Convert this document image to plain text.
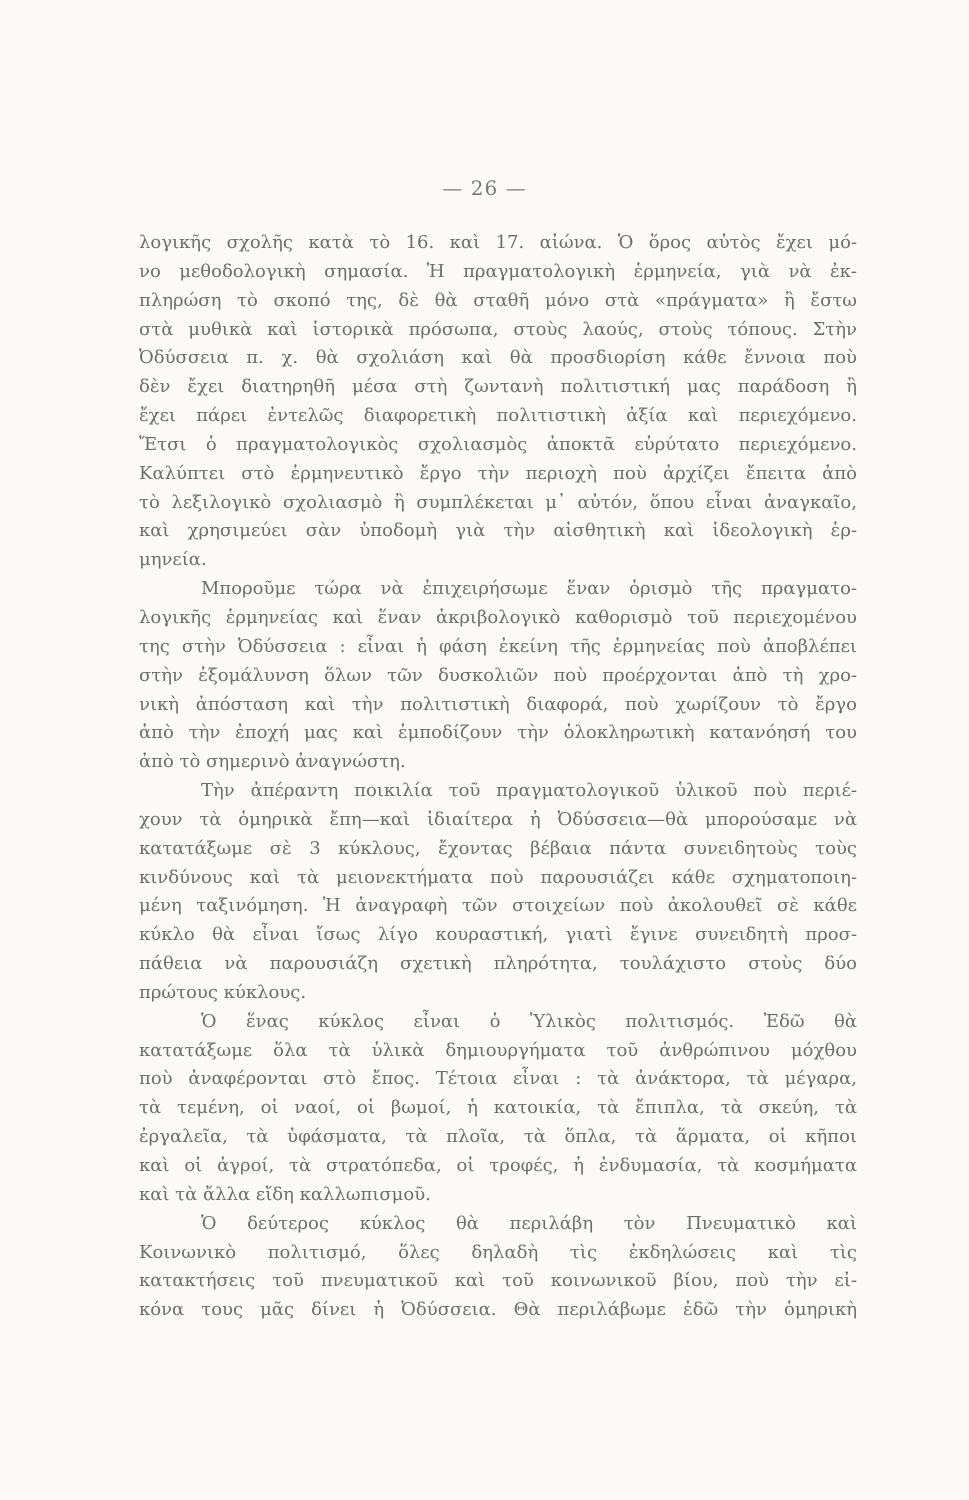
— 26 —
λογικῆς σχολῆς κατὰ τὸ 16. καὶ 17. αἰώνα. Ὁ ὅρος αὐτὸς ἔχει μό-
νο μεθοδολογικὴ σημασία. Ἡ πραγματολογικὴ ἑρμηνεία, γιὰ νὰ ἐκ-
πληρώση τὸ σκοπό της, δὲ θὰ σταθῆ μόνο στὰ «πράγματα» ἢ ἔστω
στὰ μυθικὰ καὶ ἱστορικὰ πρόσωπα, στοὺς λαούς, στοὺς τόπους. Στὴν
Ὀδύσσεια π. χ. θὰ σχολιάση καὶ θὰ προσδιορίση κάθε ἔννοια ποὺ
δὲν ἔχει διατηρηθῆ μέσα στὴ ζωντανὴ πολιτιστική μας παράδοση ἢ
ἔχει πάρει ἐντελῶς διαφορετικὴ πολιτιστικὴ ἀξία καὶ περιεχόμενο.
Ἔτσι ὁ πραγματολογικὸς σχολιασμὸς ἀποκτᾶ εὐρύτατο περιεχόμενο.
Καλύπτει στὸ ἑρμηνευτικὸ ἔργο τὴν περιοχὴ ποὺ ἀρχίζει ἔπειτα ἀπὸ
τὸ λεξιλογικὸ σχολιασμὸ ἢ συμπλέκεται μ᾽ αὐτόν, ὅπου εἶναι ἀναγκαῖο,
καὶ χρησιμεύει σὰν ὑποδομὴ γιὰ τὴν αἰσθητικὴ καὶ ἰδεολογικὴ ἑρ-
μηνεία.
Μποροῦμε τώρα νὰ ἐπιχειρήσωμε ἕναν ὁρισμὸ τῆς πραγματο-
λογικῆς ἑρμηνείας καὶ ἕναν ἀκριβολογικὸ καθορισμὸ τοῦ περιεχομένου
της στὴν Ὀδύσσεια : εἶναι ἡ φάση ἐκείνη τῆς ἑρμηνείας ποὺ ἀποβλέπει
στὴν ἐξομάλυνση ὅλων τῶν δυσκολιῶν ποὺ προέρχονται ἀπὸ τὴ χρο-
νικὴ ἀπόσταση καὶ τὴν πολιτιστικὴ διαφορά, ποὺ χωρίζουν τὸ ἔργο
ἀπὸ τὴν ἐποχή μας καὶ ἐμποδίζουν τὴν ὁλοκληρωτικὴ κατανόησή του
ἀπὸ τὸ σημερινὸ ἀναγνώστη.
Τὴν ἀπέραντη ποικιλία τοῦ πραγματολογικοῦ ὑλικοῦ ποὺ περιέ-
χουν τὰ ὁμηρικὰ ἔπη—καὶ ἰδιαίτερα ἡ Ὀδύσσεια—θὰ μπορούσαμε νὰ
κατατάξωμε σὲ 3 κύκλους, ἔχοντας βέβαια πάντα συνειδητοὺς τοὺς
κινδύνους καὶ τὰ μειονεκτήματα ποὺ παρουσιάζει κάθε σχηματοποιη-
μένη ταξινόμηση. Ἡ ἀναγραφὴ τῶν στοιχείων ποὺ ἀκολουθεῖ σὲ κάθε
κύκλο θὰ εἶναι ἴσως λίγο κουραστική, γιατὶ ἔγινε συνειδητὴ προσ-
πάθεια νὰ παρουσιάζη σχετικὴ πληρότητα, τουλάχιστο στοὺς δύο
πρώτους κύκλους.
Ὁ ἕνας κύκλος εἶναι ὁ Ὑλικὸς πολιτισμός. Ἐδῶ θὰ
κατατάξωμε ὅλα τὰ ὑλικὰ δημιουργήματα τοῦ ἀνθρώπινου μόχθου
ποὺ ἀναφέρονται στὸ ἔπος. Τέτοια εἶναι : τὰ ἀνάκτορα, τὰ μέγαρα,
τὰ τεμένη, οἱ ναοί, οἱ βωμοί, ἡ κατοικία, τὰ ἔπιπλα, τὰ σκεύη, τὰ
ἐργαλεῖα, τὰ ὑφάσματα, τὰ πλοῖα, τὰ ὅπλα, τὰ ἅρματα, οἱ κῆποι
καὶ οἱ ἀγροί, τὰ στρατόπεδα, οἱ τροφές, ἡ ἐνδυμασία, τὰ κοσμήματα
καὶ τὰ ἄλλα εἴδη καλλωπισμοῦ.
Ὁ δεύτερος κύκλος θὰ περιλάβη τὸν Πνευματικὸ καὶ
Κοινωνικὸ πολιτισμό, ὅλες δηλαδὴ τὶς ἐκδηλώσεις καὶ τὶς
κατακτήσεις τοῦ πνευματικοῦ καὶ τοῦ κοινωνικοῦ βίου, ποὺ τὴν εἰ-
κόνα τους μᾶς δίνει ἡ Ὀδύσσεια. Θὰ περιλάβωμε ἐδῶ τὴν ὁμηρικὴ
